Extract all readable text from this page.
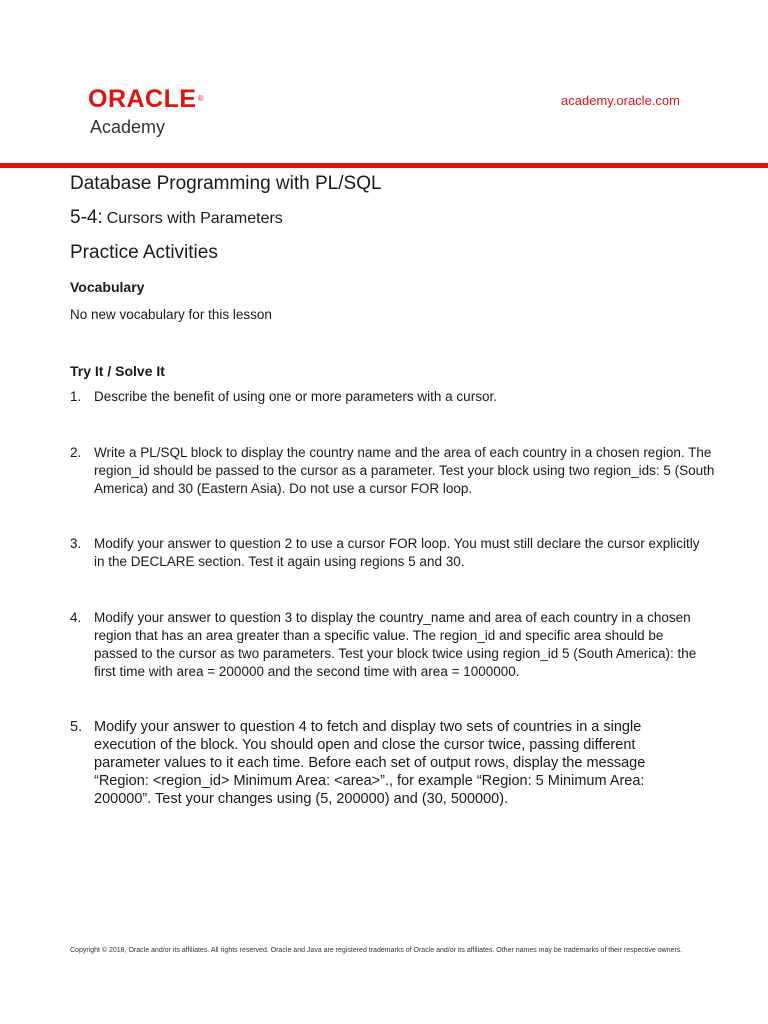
ORACLE®
Academy
academy.oracle.com
Database Programming with PL/SQL
5-4: Cursors with Parameters
Practice Activities
Vocabulary

No new vocabulary for this lesson

Try It / Solve It
1. Describe the benefit of using one or more parameters with a cursor.
2. Write a PL/SQL block to display the country name and the area of each country in a chosen region. The region_id should be passed to the cursor as a parameter. Test your block using two region_ids: 5 (South America) and 30 (Eastern Asia). Do not use a cursor FOR loop.
3. Modify your answer to question 2 to use a cursor FOR loop. You must still declare the cursor explicitly in the DECLARE section. Test it again using regions 5 and 30.
4. Modify your answer to question 3 to display the country_name and area of each country in a chosen region that has an area greater than a specific value. The region_id and specific area should be passed to the cursor as two parameters. Test your block twice using region_id 5 (South America): the first time with area = 200000 and the second time with area = 1000000.
5. Modify your answer to question 4 to fetch and display two sets of countries in a single execution of the block. You should open and close the cursor twice, passing different parameter values to it each time. Before each set of output rows, display the message “Region: <region_id> Minimum Area: <area>”., for example “Region: 5 Minimum Area: 200000”. Test your changes using (5, 200000) and (30, 500000).
Copyright © 2018, Oracle and/or its affiliates. All rights reserved. Oracle and Java are registered trademarks of Oracle and/or its affiliates. Other names may be trademarks of their respective owners.
